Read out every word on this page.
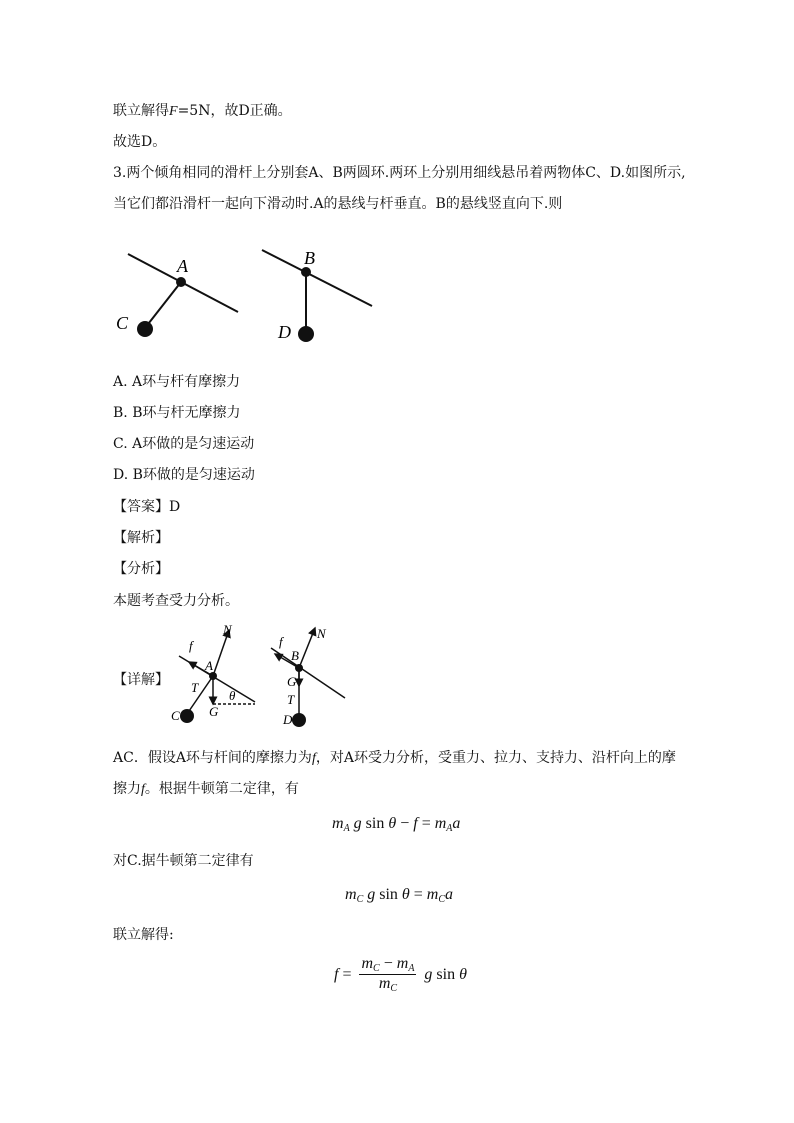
联立解得F=5N，故D正确。
故选D。
3.两个倾角相同的滑杆上分别套A、B两圆环.两环上分别用细线悬吊着两物体C、D.如图所示,
当它们都沿滑杆一起向下滑动时.A的悬线与杆垂直。B的悬线竖直向下.则
A
C
B
D
A. A环与杆有摩擦力
B. B环与杆无摩擦力
C. A环做的是匀速运动
D. B环做的是匀速运动
【答案】D
【解析】
【分析】
本题考查受力分析。
【详解】
f
N
A
T
G
θ
C
f
B
N
G
T
D
AC．假设A环与杆间的摩擦力为f，对A环受力分析，受重力、拉力、支持力、沿杆向上的摩
擦力f。根据牛顿第二定律，有
$m_A$ g $\sin \theta - f = m_Aa$
对C.据牛顿第二定律有
$m_C$ g $\sin \theta = m_Ca$
联立解得:
$f = \frac{m_C - m_A}{m_C}$ g sin θ
